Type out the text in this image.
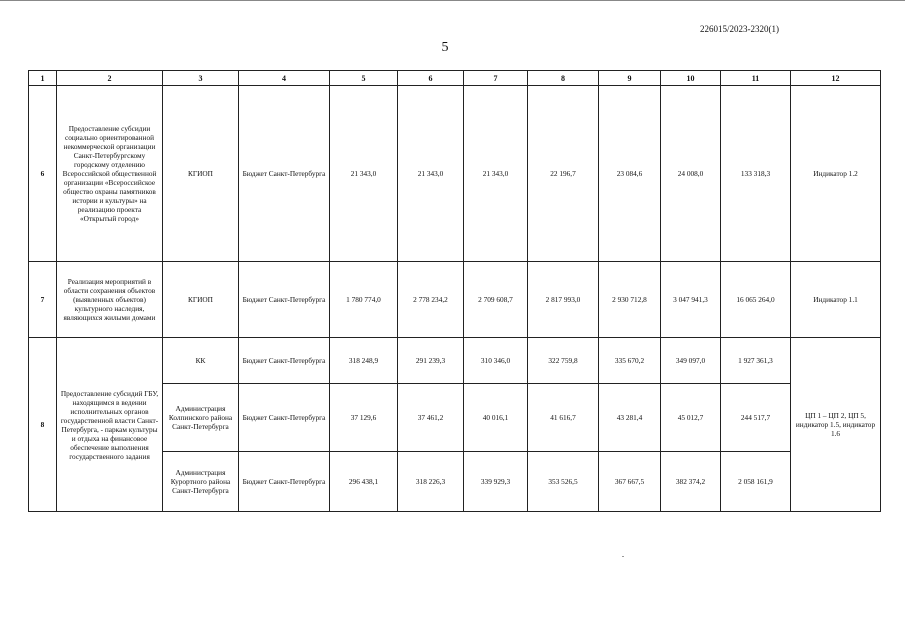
226015/2023-2320(1)
5
1	2	3	4	5	6	7	8	9	10	11	12
6	Предоставление субсидии социально ориентированной некоммерческой организации Санкт-Петербургскому городскому отделению Всероссийской общественной организации «Всероссийское общество охраны памятников истории и культуры» на реализацию проекта «Открытый город»	КГИОП	Бюджет Санкт-Петербурга	21 343,0	21 343,0	21 343,0	22 196,7	23 084,6	24 008,0	133 318,3	Индикатор 1.2
7	Реализация мероприятий в области сохранения объектов (выявленных объектов) культурного наследия, являющихся жилыми домами	КГИОП	Бюджет Санкт-Петербурга	1 780 774,0	2 778 234,2	2 709 608,7	2 817 993,0	2 930 712,8	3 047 941,3	16 065 264,0	Индикатор 1.1
8	Предоставление субсидий ГБУ, находящимся в ведении исполнительных органов государственной власти Санкт-Петербурга, - паркам культуры и отдыха на финансовое обеспечение выполнения государственного задания	КК	Бюджет Санкт-Петербурга	318 248,9	291 239,3	310 346,0	322 759,8	335 670,2	349 097,0	1 927 361,3	ЦП 1 – ЦП 2, ЦП 5, индикатор 1.5, индикатор 1.6
		Администрация Колпинского района Санкт-Петербурга	Бюджет Санкт-Петербурга	37 129,6	37 461,2	40 016,1	41 616,7	43 281,4	45 012,7	244 517,7	
		Администрация Курортного района Санкт-Петербурга	Бюджет Санкт-Петербурга	296 438,1	318 226,3	339 929,3	353 526,5	367 667,5	382 374,2	2 058 161,9	
